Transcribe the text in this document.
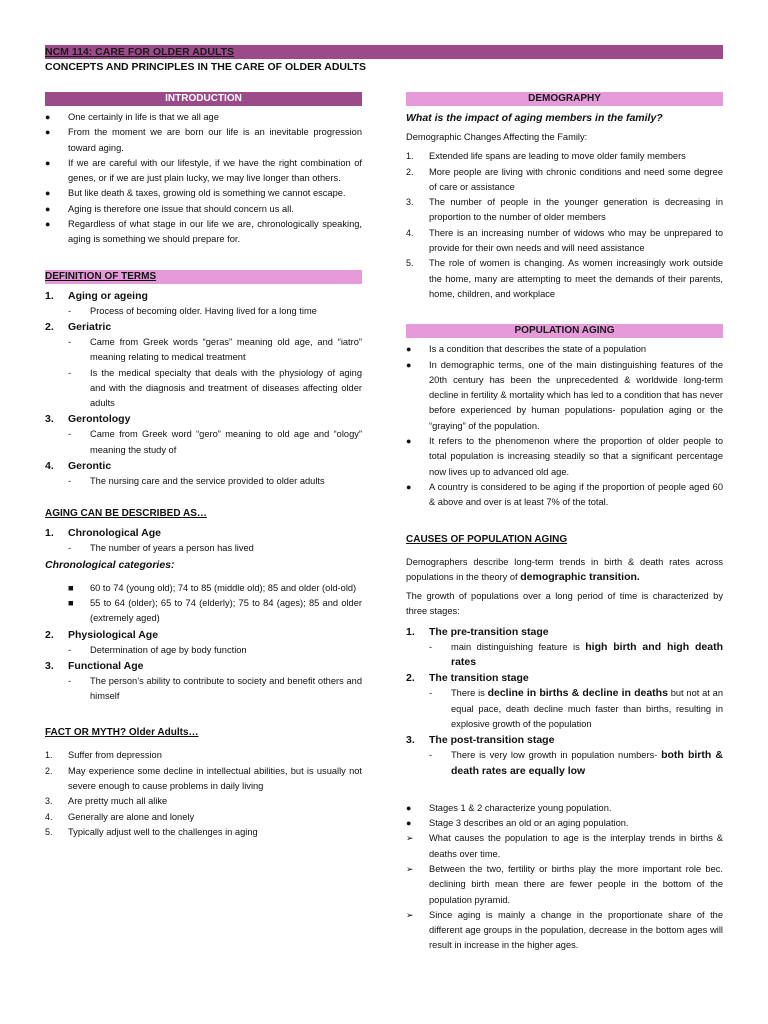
NCM 114: CARE FOR OLDER ADULTS
CONCEPTS AND PRINCIPLES IN THE CARE OF OLDER ADULTS
INTRODUCTION
● One certainly in life is that we all age
● From the moment we are born our life is an inevitable progression toward aging.
● If we are careful with our lifestyle, if we have the right combination of genes, or if we are just plain lucky, we may live longer than others.
● But like death & taxes, growing old is something we cannot escape.
● Aging is therefore one issue that should concern us all.
● Regardless of what stage in our life we are, chronologically speaking, aging is something we should prepare for.
DEFINITION OF TERMS
1. Aging or ageing
- Process of becoming older. Having lived for a long time
2. Geriatric
- Came from Greek words “geras” meaning old age, and “iatro” meaning relating to medical treatment
- Is the medical specialty that deals with the physiology of aging and with the diagnosis and treatment of diseases affecting older adults
3. Gerontology
- Came from Greek word “gero” meaning to old age and “ology” meaning the study of
4. Gerontic
- The nursing care and the service provided to older adults
AGING CAN BE DESCRIBED AS…
1. Chronological Age
- The number of years a person has lived
Chronological categories:
■ 60 to 74 (young old); 74 to 85 (middle old); 85 and older (old-old)
■ 55 to 64 (older); 65 to 74 (elderly); 75 to 84 (ages); 85 and older (extremely aged)
2. Physiological Age
- Determination of age by body function
3. Functional Age
- The person’s ability to contribute to society and benefit others and himself
FACT OR MYTH? Older Adults…
1. Suffer from depression
2. May experience some decline in intellectual abilities, but is usually not severe enough to cause problems in daily living
3. Are pretty much all alike
4. Generally are alone and lonely
5. Typically adjust well to the challenges in aging
DEMOGRAPHY
What is the impact of aging members in the family?
Demographic Changes Affecting the Family:
1. Extended life spans are leading to move older family members
2. More people are living with chronic conditions and need some degree of care or assistance
3. The number of people in the younger generation is decreasing in proportion to the number of older members
4. There is an increasing number of widows who may be unprepared to provide for their own needs and will need assistance
5. The role of women is changing. As women increasingly work outside the home, many are attempting to meet the demands of their parents, home, children, and workplace
POPULATION AGING
● Is a condition that describes the state of a population
● In demographic terms, one of the main distinguishing features of the 20th century has been the unprecedented & worldwide long-term decline in fertility & mortality which has led to a condition that has never before experienced by human populations- population aging or the “graying” of the population.
● It refers to the phenomenon where the proportion of older people to total population is increasing steadily so that a significant percentage now lives up to advanced old age.
● A country is considered to be aging if the proportion of people aged 60 & above and over is at least 7% of the total.
CAUSES OF POPULATION AGING
Demographers describe long-term trends in birth & death rates across populations in the theory of demographic transition.
The growth of populations over a long period of time is characterized by three stages:
1. The pre-transition stage
- main distinguishing feature is high birth and high death rates
2. The transition stage
- There is decline in births & decline in deaths but not at an equal pace, death decline much faster than births, resulting in explosive growth of the population
3. The post-transition stage
- There is very low growth in population numbers- both birth & death rates are equally low
● Stages 1 & 2 characterize young population.
● Stage 3 describes an old or an aging population.
➢ What causes the population to age is the interplay trends in births & deaths over time.
➢ Between the two, fertility or births play the more important role bec. declining birth mean there are fewer people in the bottom of the population pyramid.
➢ Since aging is mainly a change in the proportionate share of the different age groups in the population, decrease in the bottom ages will result in increase in the higher ages.
